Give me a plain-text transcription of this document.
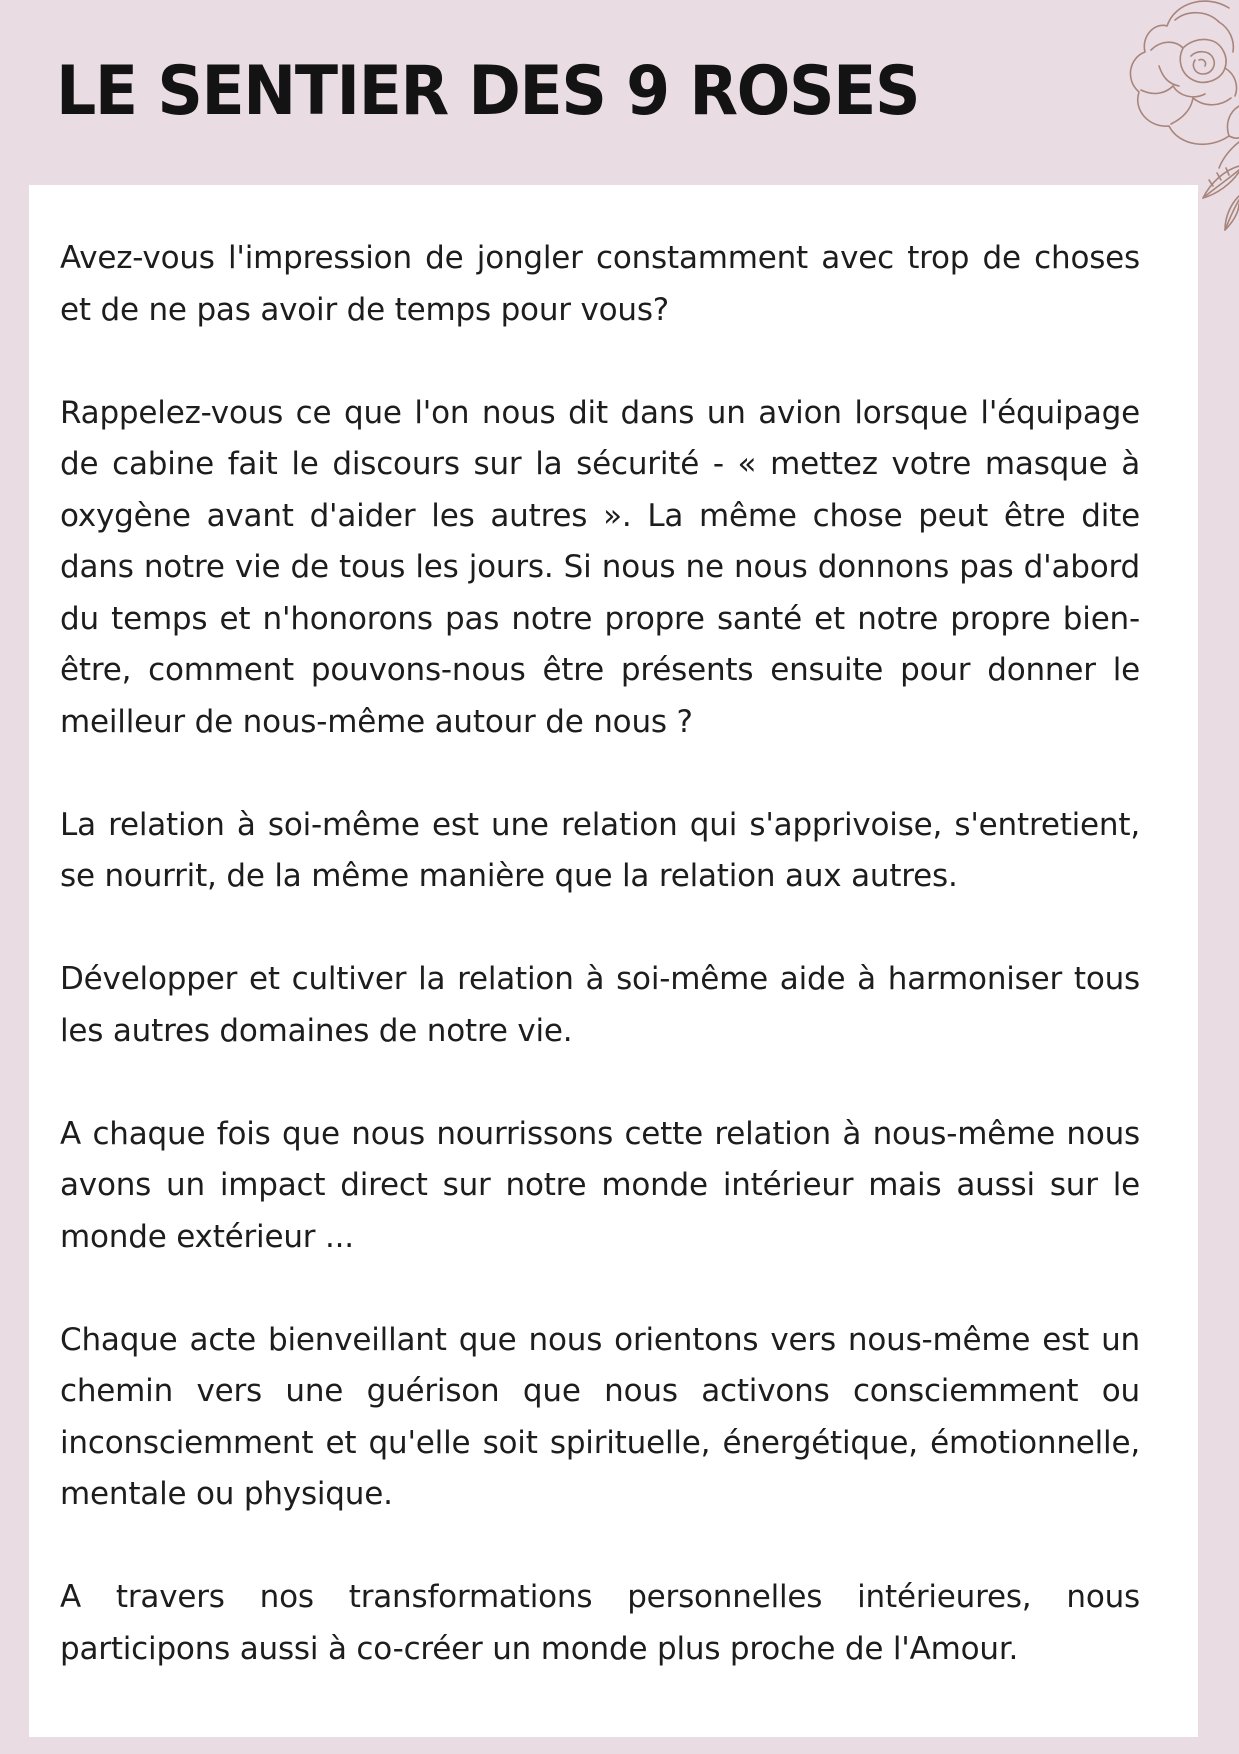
LE SENTIER DES 9 ROSES

Avez-vous l'impression de jongler constamment avec trop de choses et de ne pas avoir de temps pour vous?

Rappelez-vous ce que l'on nous dit dans un avion lorsque l'équipage de cabine fait le discours sur la sécurité - « mettez votre masque à oxygène avant d'aider les autres ». La même chose peut être dite dans notre vie de tous les jours. Si nous ne nous donnons pas d'abord du temps et n'honorons pas notre propre santé et notre propre bien-être, comment pouvons-nous être présents ensuite pour donner le meilleur de nous-même autour de nous ?

La relation à soi-même est une relation qui s'apprivoise, s'entretient, se nourrit, de la même manière que la relation aux autres.

Développer et cultiver la relation à soi-même aide à harmoniser tous les autres domaines de notre vie.

A chaque fois que nous nourrissons cette relation à nous-même nous avons un impact direct sur notre monde intérieur mais aussi sur le monde extérieur ...

Chaque acte bienveillant que nous orientons vers nous-même est un chemin vers une guérison que nous activons consciemment ou inconsciemment et qu'elle soit spirituelle, énergétique, émotionnelle, mentale ou physique.

A travers nos transformations personnelles intérieures, nous participons aussi à co-créer un monde plus proche de l'Amour.
